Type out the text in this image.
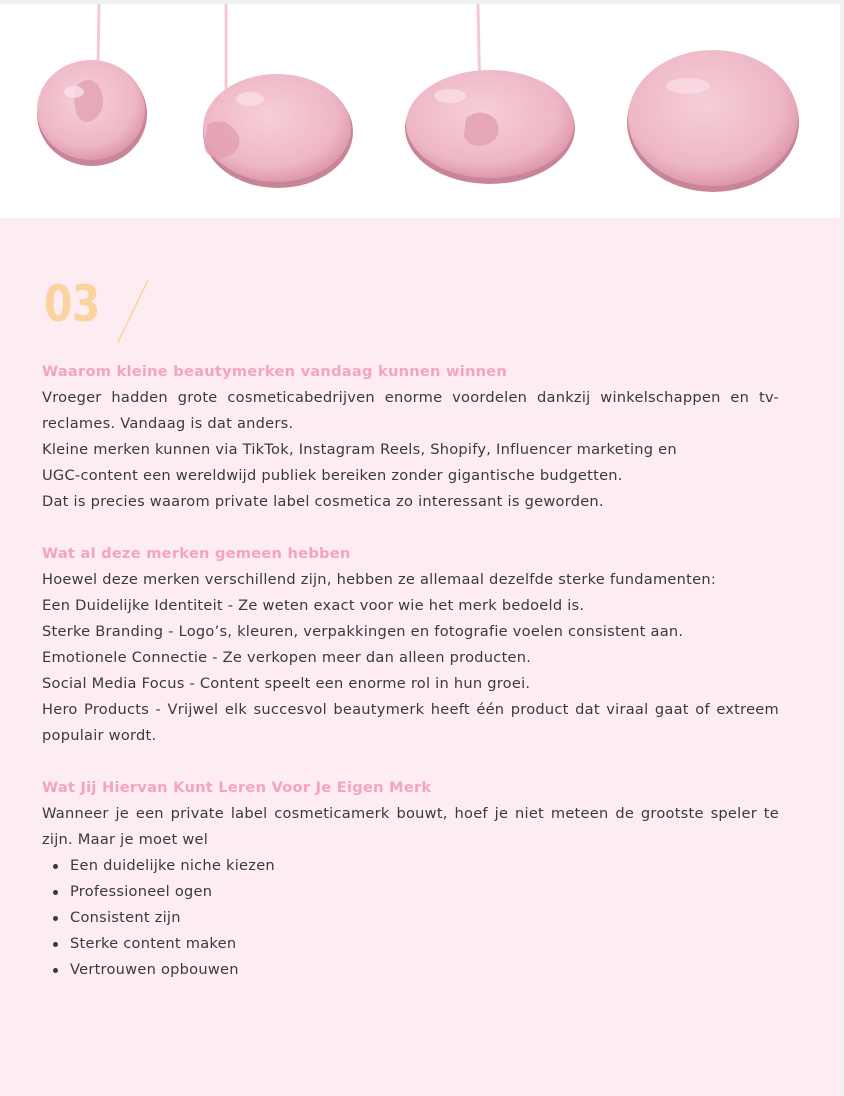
03

Waarom kleine beautymerken vandaag kunnen winnen

Vroeger hadden grote cosmeticabedrijven enorme voordelen dankzij winkelschappen en tv-reclames. Vandaag is dat anders.

Kleine merken kunnen via TikTok, Instagram Reels, Shopify, Influencer marketing en

UGC-content een wereldwijd publiek bereiken zonder gigantische budgetten.

Dat is precies waarom private label cosmetica zo interessant is geworden.

Wat al deze merken gemeen hebben

Hoewel deze merken verschillend zijn, hebben ze allemaal dezelfde sterke fundamenten:

Een Duidelijke Identiteit - Ze weten exact voor wie het merk bedoeld is.

Sterke Branding - Logo’s, kleuren, verpakkingen en fotografie voelen consistent aan.

Emotionele Connectie - Ze verkopen meer dan alleen producten.

Social Media Focus - Content speelt een enorme rol in hun groei.

Hero Products - Vrijwel elk succesvol beautymerk heeft één product dat viraal gaat of extreem populair wordt.

Wat Jij Hiervan Kunt Leren Voor Je Eigen Merk

Wanneer je een private label cosmeticamerk bouwt, hoef je niet meteen de grootste speler te zijn. Maar je moet wel

Een duidelijke niche kiezen
Professioneel ogen
Consistent zijn
Sterke content maken
Vertrouwen opbouwen
